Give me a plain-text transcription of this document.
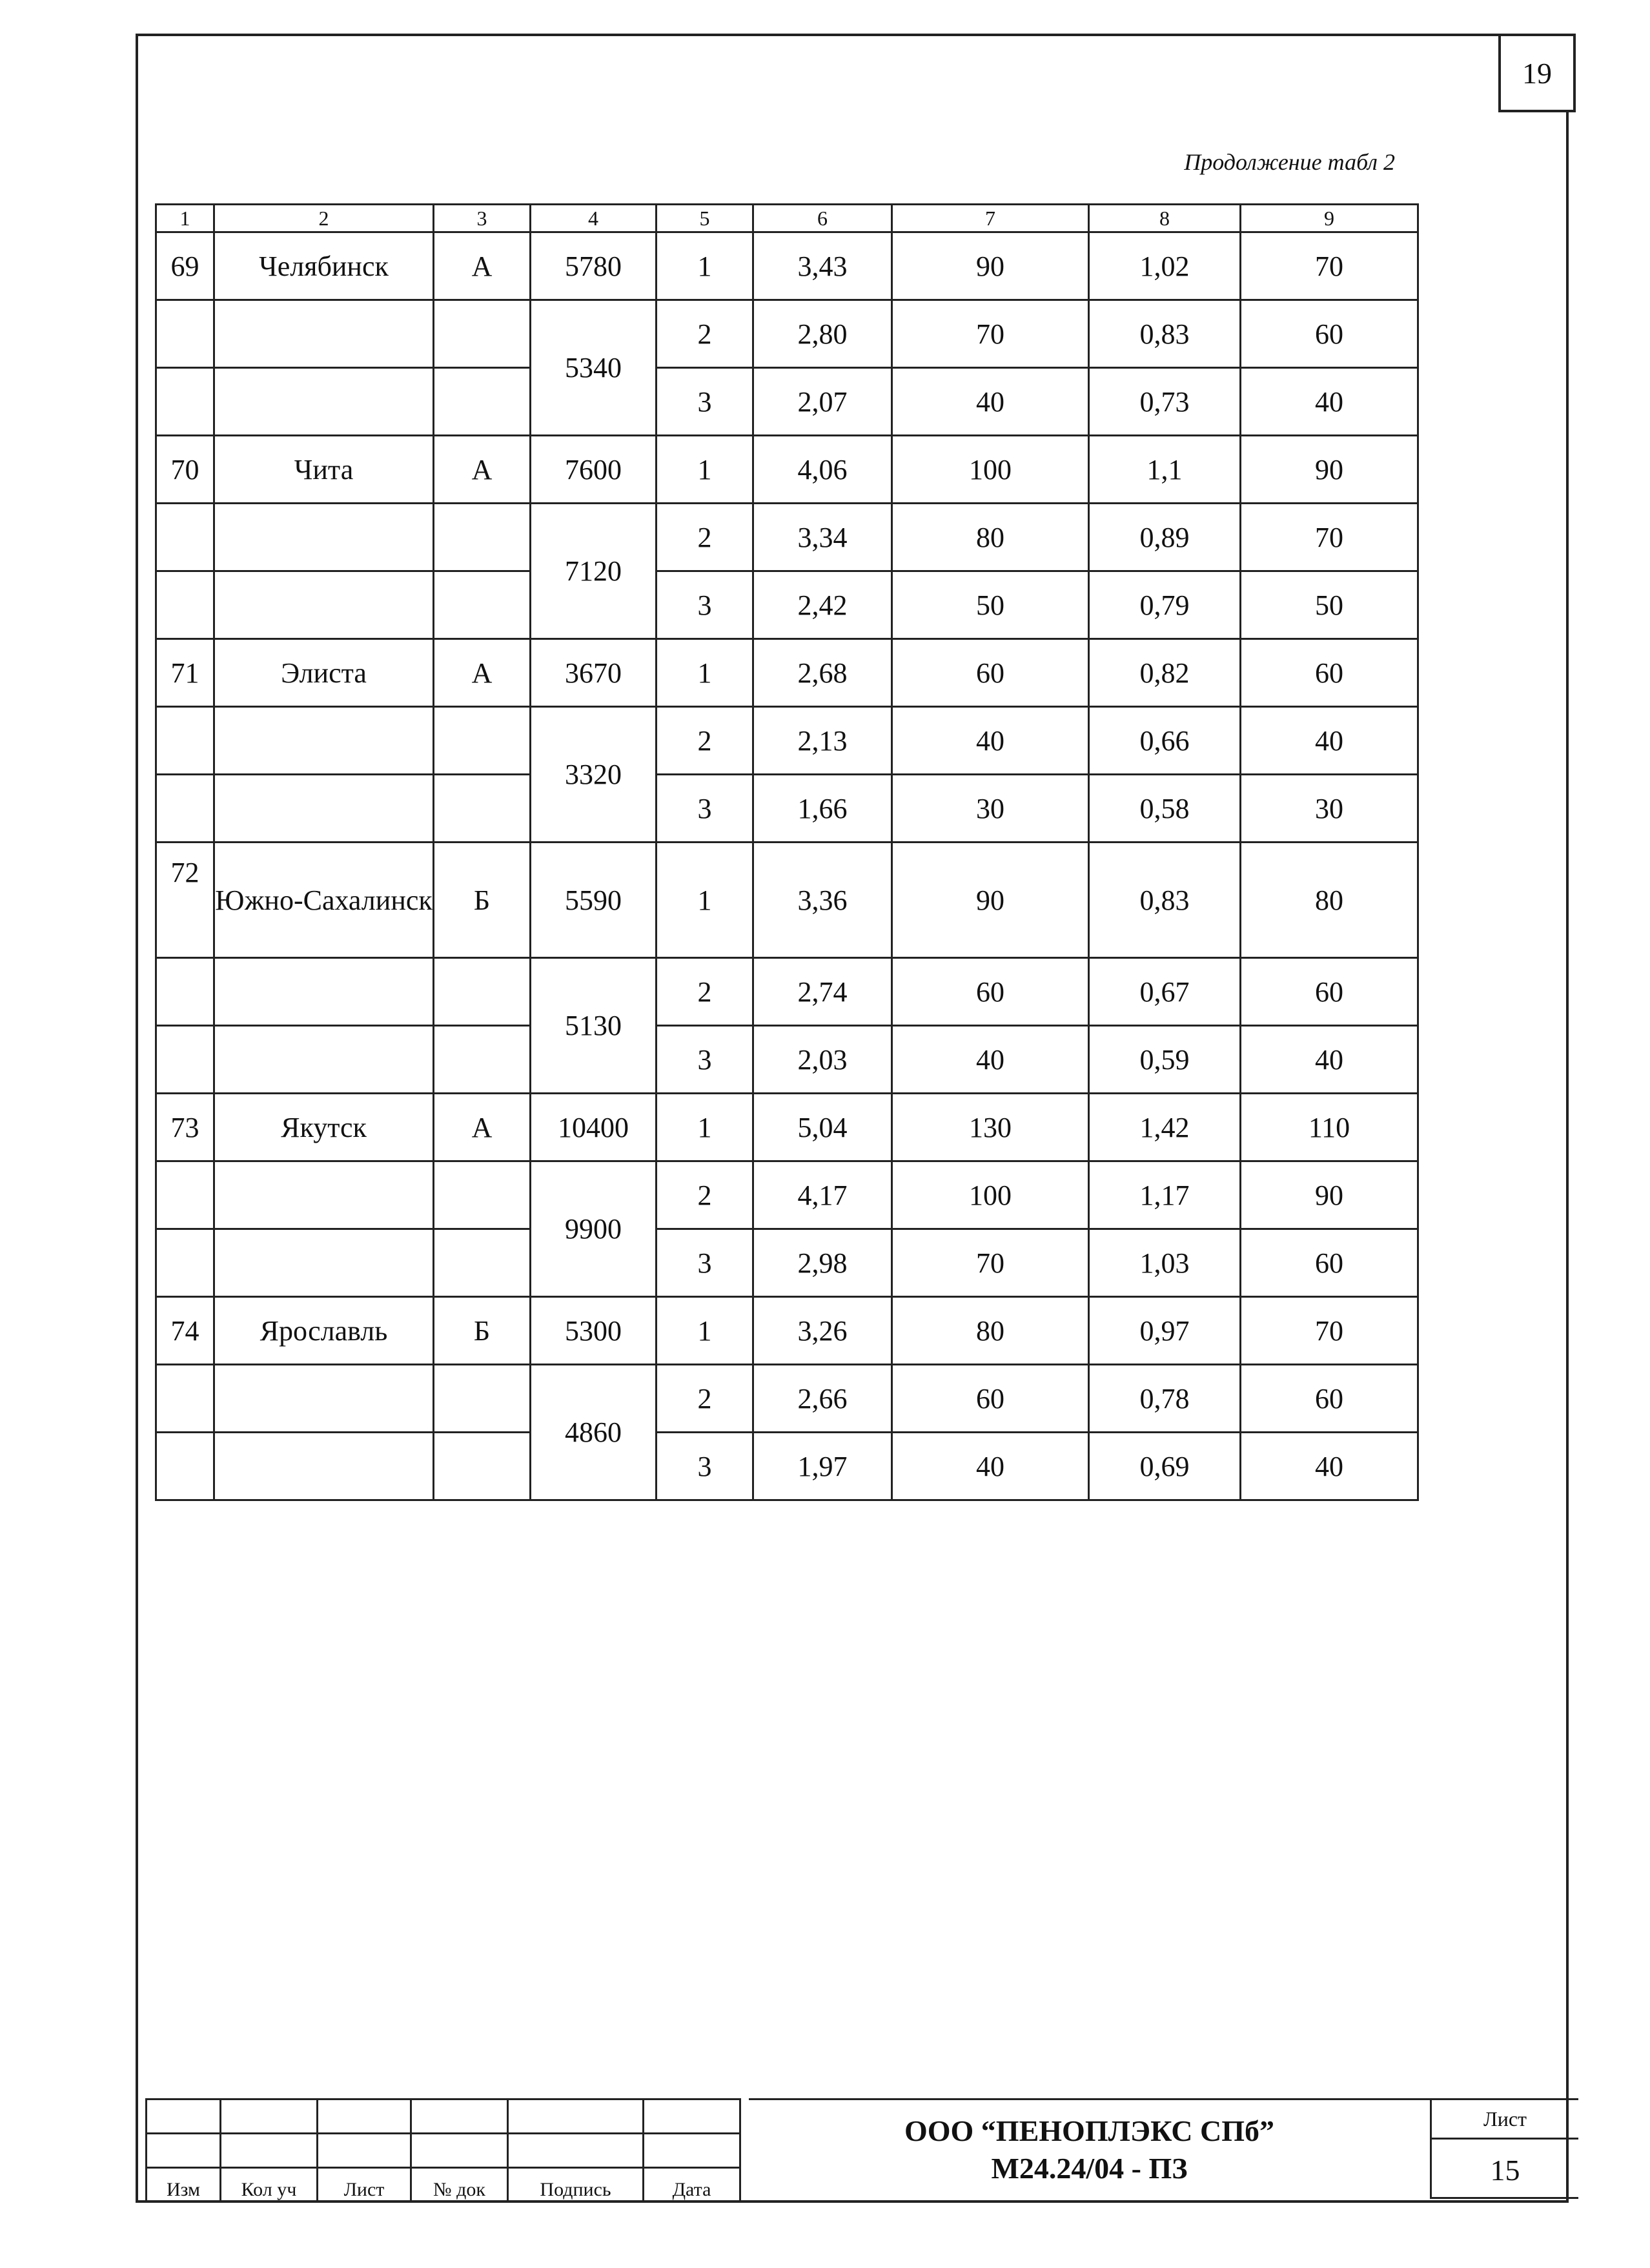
19
Продолжение табл 2
1	2	3	4	5	6	7	8	9
69	Челябинск	А	5780	1	3,43	90	1,02	70
			5340	2	2,80	70	0,83	60
				3	2,07	40	0,73	40
70	Чита	А	7600	1	4,06	100	1,1	90
			7120	2	3,34	80	0,89	70
				3	2,42	50	0,79	50
71	Элиста	А	3670	1	2,68	60	0,82	60
			3320	2	2,13	40	0,66	40
				3	1,66	30	0,58	30
72	Южно-Сахалинск	Б	5590	1	3,36	90	0,83	80
			5130	2	2,74	60	0,67	60
				3	2,03	40	0,59	40
73	Якутск	А	10400	1	5,04	130	1,42	110
			9900	2	4,17	100	1,17	90
				3	2,98	70	1,03	60
74	Ярославль	Б	5300	1	3,26	80	0,97	70
			4860	2	2,66	60	0,78	60
				3	1,97	40	0,69	40

Изм	Кол уч	Лист	№ док	Подпись	Дата
ООО “ПЕНОПЛЭКС СПб”
М24.24/04 - ПЗ
Лист
15
